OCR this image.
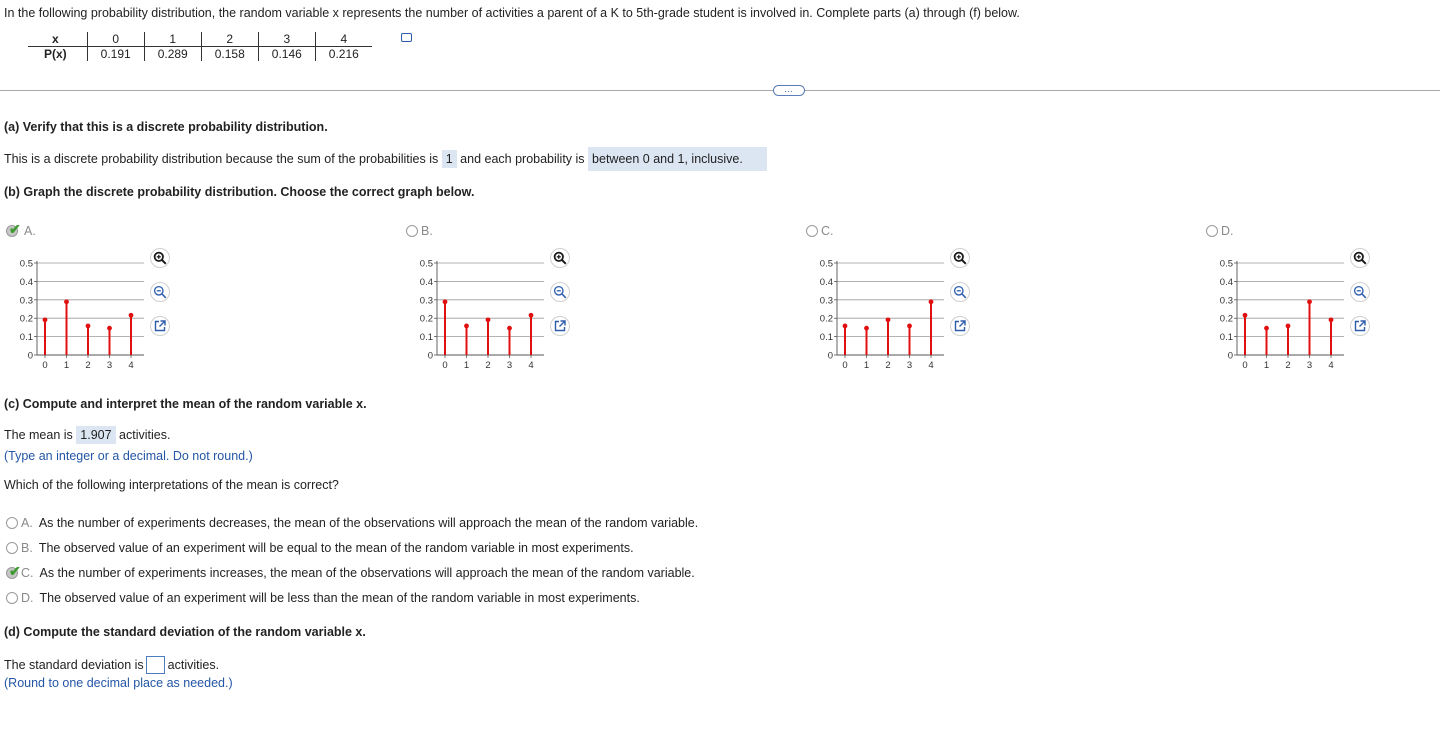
In the following probability distribution, the random variable x represents the number of activities a parent of a K to 5th-grade student is involved in. Complete parts (a) through (f) below.
x	0	1	2	3	4
P(x)	0.191	0.289	0.158	0.146	0.216
…
(a) Verify that this is a discrete probability distribution.
This is a discrete probability distribution because the sum of the probabilities is 1 and each probability is between 0 and 1, inclusive.
(b) Graph the discrete probability distribution. Choose the correct graph below.
✔ A.
0
0.1
0.2
0.3
0.4
0.5
0 1 2 3 4
B.
0
0.1
0.2
0.3
0.4
0.5
0 1 2 3 4
C.
0
0.1
0.2
0.3
0.4
0.5
0 1 2 3 4
D.
0
0.1
0.2
0.3
0.4
0.5
0 1 2 3 4
(c) Compute and interpret the mean of the random variable x.
The mean is 1.907 activities.
(Type an integer or a decimal. Do not round.)
Which of the following interpretations of the mean is correct?
A. As the number of experiments decreases, the mean of the observations will approach the mean of the random variable.
B. The observed value of an experiment will be equal to the mean of the random variable in most experiments.
✔ C. As the number of experiments increases, the mean of the observations will approach the mean of the random variable.
D. The observed value of an experiment will be less than the mean of the random variable in most experiments.
(d) Compute the standard deviation of the random variable x.
The standard deviation is activities.
(Round to one decimal place as needed.)
